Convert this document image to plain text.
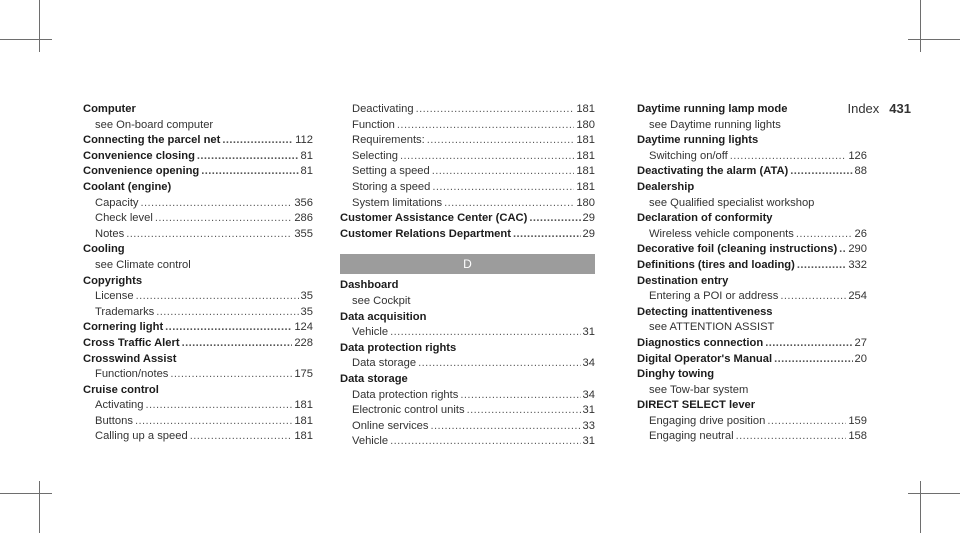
Index 431
Computer
see On-board computer
Connecting the parcel net .....	112
Convenience closing .....	81
Convenience opening .....	81
Coolant (engine)
Capacity .....	356
Check level .....	286
Notes .....	355
Cooling
see Climate control
Copyrights
License .....	35
Trademarks .....	35
Cornering light .....	124
Cross Traffic Alert .....	228
Crosswind Assist
Function/notes .....	175
Cruise control
Activating .....	181
Buttons .....	181
Calling up a speed .....	181
Deactivating .....	181
Function .....	180
Requirements: .....	181
Selecting .....	181
Setting a speed .....	181
Storing a speed .....	181
System limitations .....	180
Customer Assistance Center (CAC) .....	29
Customer Relations Department .....	29
D
Dashboard
see Cockpit
Data acquisition
Vehicle .....	31
Data protection rights
Data storage .....	34
Data storage
Data protection rights .....	34
Electronic control units .....	31
Online services .....	33
Vehicle .....	31
Daytime running lamp mode
see Daytime running lights
Daytime running lights
Switching on/off .....	126
Deactivating the alarm (ATA) .....	88
Dealership
see Qualified specialist workshop
Declaration of conformity
Wireless vehicle components .....	26
Decorative foil (cleaning instructions) ..... 290
Definitions (tires and loading) .....	332
Destination entry
Entering a POI or address .....	254
Detecting inattentiveness
see ATTENTION ASSIST
Diagnostics connection .....	27
Digital Operator's Manual .....	20
Dinghy towing
see Tow-bar system
DIRECT SELECT lever
Engaging drive position .....	159
Engaging neutral .....	158
